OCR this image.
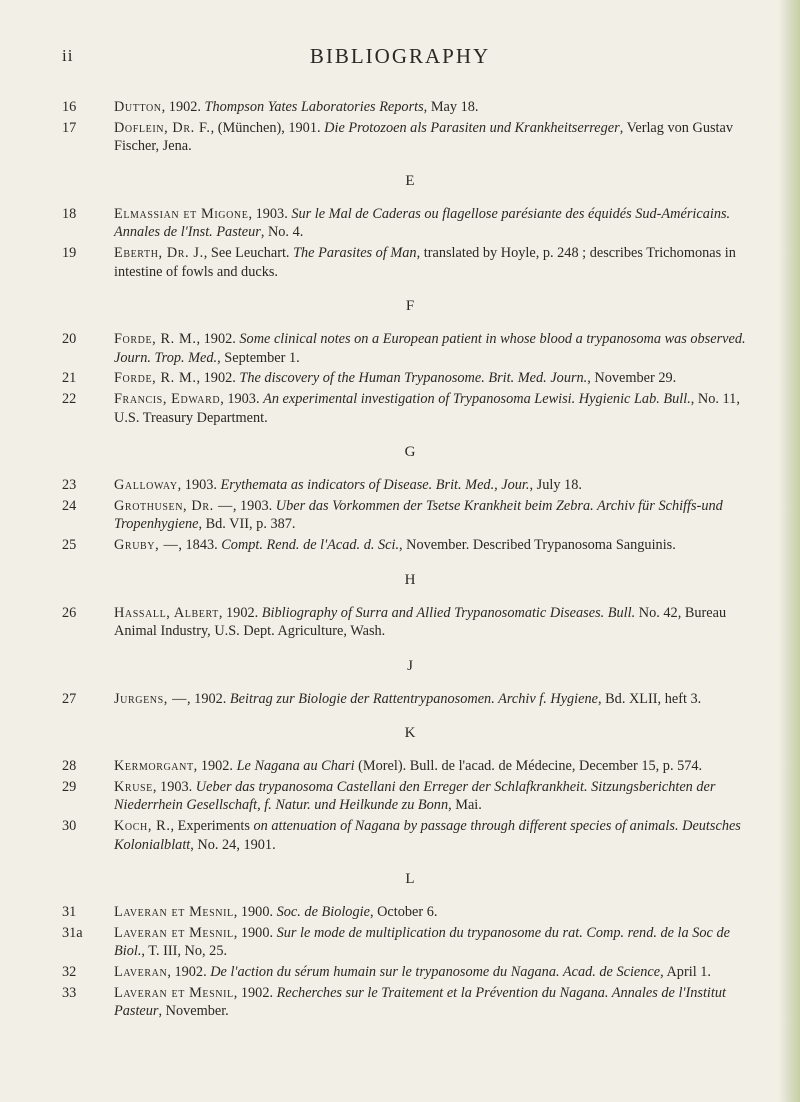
ii	BIBLIOGRAPHY
16	Dutton, 1902. Thompson Yates Laboratories Reports, May 18.
17	Doflein, Dr. F., (München), 1901. Die Protozoen als Parasiten und Krankheitserreger, Verlag von Gustav Fischer, Jena.
E
18	Elmassian et Migone, 1903. Sur le Mal de Caderas ou flagellose parésiante des équidés Sud-Américains. Annales de l'Inst. Pasteur, No. 4.
19	Eberth, Dr. J., See Leuchart. The Parasites of Man, translated by Hoyle, p. 248 ; describes Trichomonas in intestine of fowls and ducks.
F
20	Forde, R. M., 1902. Some clinical notes on a European patient in whose blood a trypanosoma was observed. Journ. Trop. Med., September 1.
21	Forde, R. M., 1902. The discovery of the Human Trypanosome. Brit. Med. Journ., November 29.
22	Francis, Edward, 1903. An experimental investigation of Trypanosoma Lewisi. Hygienic Lab. Bull., No. 11, U.S. Treasury Department.
G
23	Galloway, 1903. Erythemata as indicators of Disease. Brit. Med., Jour., July 18.
24	Grothusen, Dr. —, 1903. Uber das Vorkommen der Tsetse Krankheit beim Zebra. Archiv für Schiffs-und Tropenhygiene, Bd. VII, p. 387.
25	Gruby, —, 1843. Compt. Rend. de l'Acad. d. Sci., November. Described Trypanosoma Sanguinis.
H
26	Hassall, Albert, 1902. Bibliography of Surra and Allied Trypanosomatic Diseases. Bull. No. 42, Bureau Animal Industry, U.S. Dept. Agriculture, Wash.
J
27	Jurgens, —, 1902. Beitrag zur Biologie der Rattentrypanosomen. Archiv f. Hygiene, Bd. XLII, heft 3.
K
28	Kermorgant, 1902. Le Nagana au Chari (Morel). Bull. de l'acad. de Médecine, December 15, p. 574.
29	Kruse, 1903. Ueber das trypanosoma Castellani den Erreger der Schlafkrankheit. Sitzungsberichten der Niederrhein Gesellschaft, f. Natur. und Heilkunde zu Bonn, Mai.
30	Koch, R., Experiments on attenuation of Nagana by passage through different species of animals. Deutsches Kolonialblatt, No. 24, 1901.
L
31	Laveran et Mesnil, 1900. Soc. de Biologie, October 6.
31a	Laveran et Mesnil, 1900. Sur le mode de multiplication du trypanosome du rat. Comp. rend. de la Soc de Biol., T. III, No, 25.
32	Laveran, 1902. De l'action du sérum humain sur le trypanosome du Nagana. Acad. de Science, April 1.
33	Laveran et Mesnil, 1902. Recherches sur le Traitement et la Prévention du Nagana. Annales de l'Institut Pasteur, November.
